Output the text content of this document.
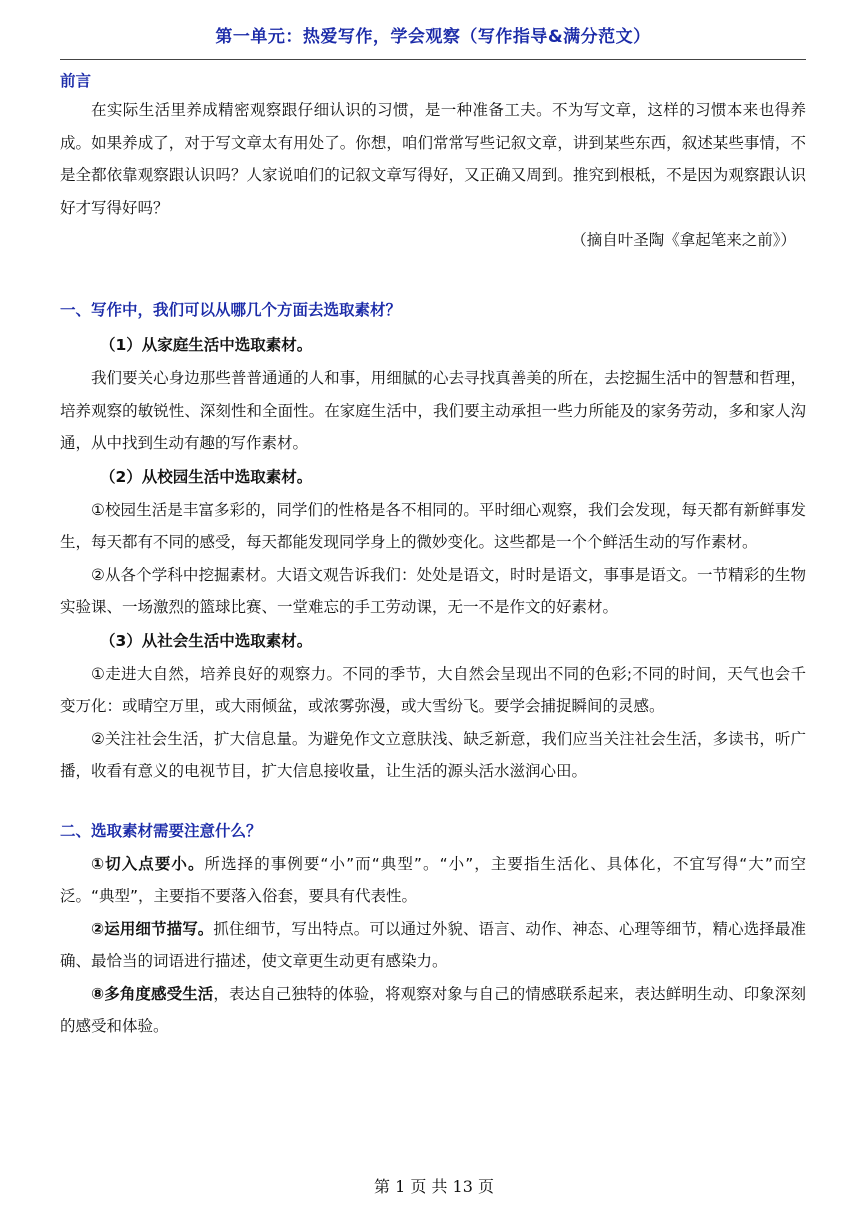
第一单元：热爱写作，学会观察（写作指导&满分范文）
前言

在实际生活里养成精密观察跟仔细认识的习惯，是一种准备工夫。不为写文章，这样的习惯本来也得养成。如果养成了，对于写文章太有用处了。你想，咱们常常写些记叙文章，讲到某些东西，叙述某些事情，不是全都依靠观察跟认识吗？人家说咱们的记叙文章写得好，又正确又周到。推究到根柢，不是因为观察跟认识好才写得好吗？

（摘自叶圣陶《拿起笔来之前》）
一、写作中，我们可以从哪几个方面去选取素材？
（1）从家庭生活中选取素材。

我们要关心身边那些普普通通的人和事，用细腻的心去寻找真善美的所在，去挖掘生活中的智慧和哲理，培养观察的敏锐性、深刻性和全面性。在家庭生活中，我们要主动承担一些力所能及的家务劳动，多和家人沟通，从中找到生动有趣的写作素材。

（2）从校园生活中选取素材。

①校园生活是丰富多彩的，同学们的性格是各不相同的。平时细心观察，我们会发现，每天都有新鲜事发生，每天都有不同的感受，每天都能发现同学身上的微妙变化。这些都是一个个鲜活生动的写作素材。

②从各个学科中挖掘素材。大语文观告诉我们：处处是语文，时时是语文，事事是语文。一节精彩的生物实验课、一场激烈的篮球比赛、一堂难忘的手工劳动课，无一不是作文的好素材。

（3）从社会生活中选取素材。

①走进大自然，培养良好的观察力。不同的季节，大自然会呈现出不同的色彩;不同的时间，天气也会千变万化：或晴空万里，或大雨倾盆，或浓雾弥漫，或大雪纷飞。要学会捕捉瞬间的灵感。

②关注社会生活，扩大信息量。为避免作文立意肤浅、缺乏新意，我们应当关注社会生活，多读书，听广播，收看有意义的电视节目，扩大信息接收量，让生活的源头活水滋润心田。

二、选取素材需要注意什么？

①切入点要小。所选择的事例要“小”而“典型”。“小”，主要指生活化、具体化，不宜写得“大”而空泛。“典型”，主要指不要落入俗套，要具有代表性。

②运用细节描写。抓住细节，写出特点。可以通过外貌、语言、动作、神态、心理等细节，精心选择最准确、最恰当的词语进行描述，使文章更生动更有感染力。

⑧多角度感受生活，表达自己独特的体验，将观察对象与自己的情感联系起来，表达鲜明生动、印象深刻的感受和体验。

第 1 页 共 13 页
